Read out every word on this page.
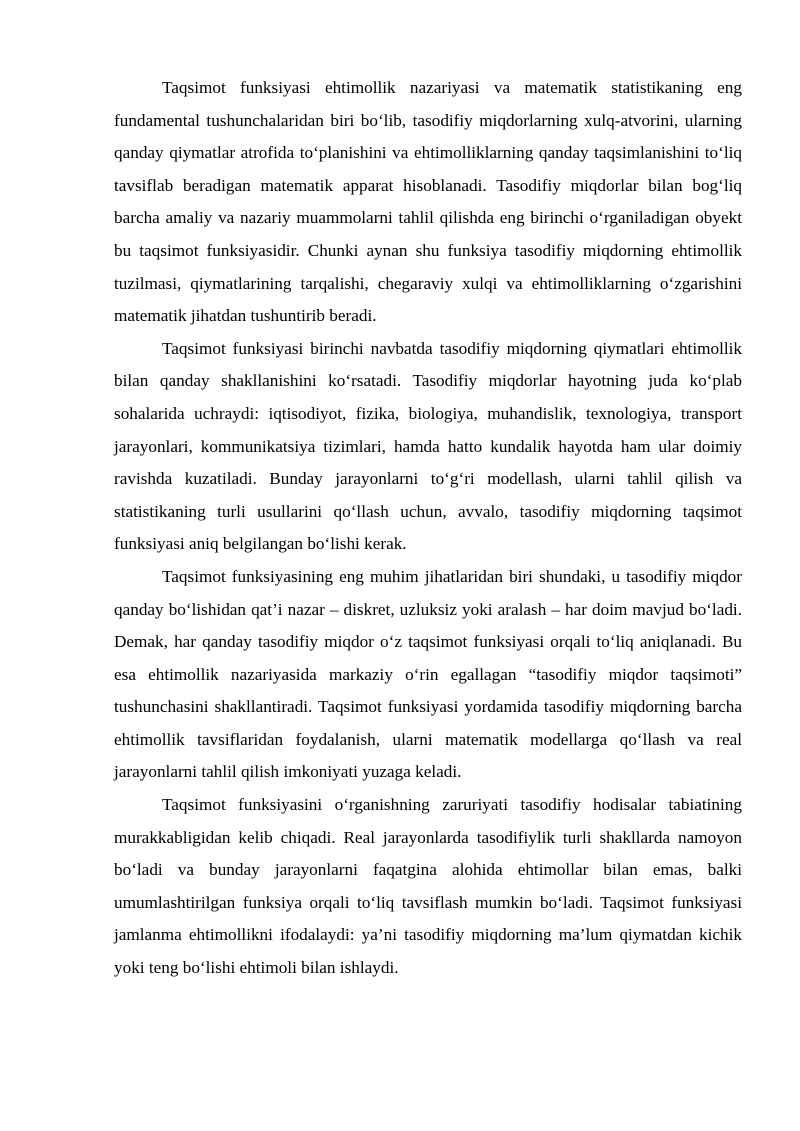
Taqsimot funksiyasi ehtimollik nazariyasi va matematik statistikaning eng fundamental tushunchalaridan biri bo‘lib, tasodifiy miqdorlarning xulq-atvorini, ularning qanday qiymatlar atrofida to‘planishini va ehtimolliklarning qanday taqsimlanishini to‘liq tavsiflab beradigan matematik apparat hisoblanadi. Tasodifiy miqdorlar bilan bog‘liq barcha amaliy va nazariy muammolarni tahlil qilishda eng birinchi o‘rganiladigan obyekt bu taqsimot funksiyasidir. Chunki aynan shu funksiya tasodifiy miqdorning ehtimollik tuzilmasi, qiymatlarining tarqalishi, chegaraviy xulqi va ehtimolliklarning o‘zgarishini matematik jihatdan tushuntirib beradi.

Taqsimot funksiyasi birinchi navbatda tasodifiy miqdorning qiymatlari ehtimollik bilan qanday shakllanishini ko‘rsatadi. Tasodifiy miqdorlar hayotning juda ko‘plab sohalarida uchraydi: iqtisodiyot, fizika, biologiya, muhandislik, texnologiya, transport jarayonlari, kommunikatsiya tizimlari, hamda hatto kundalik hayotda ham ular doimiy ravishda kuzatiladi. Bunday jarayonlarni to‘g‘ri modellash, ularni tahlil qilish va statistikaning turli usullarini qo‘llash uchun, avvalo, tasodifiy miqdorning taqsimot funksiyasi aniq belgilangan bo‘lishi kerak.

Taqsimot funksiyasining eng muhim jihatlaridan biri shundaki, u tasodifiy miqdor qanday bo‘lishidan qat’i nazar – diskret, uzluksiz yoki aralash – har doim mavjud bo‘ladi. Demak, har qanday tasodifiy miqdor o‘z taqsimot funksiyasi orqali to‘liq aniqlanadi. Bu esa ehtimollik nazariyasida markaziy o‘rin egallagan “tasodifiy miqdor taqsimoti” tushunchasini shakllantiradi. Taqsimot funksiyasi yordamida tasodifiy miqdorning barcha ehtimollik tavsiflaridan foydalanish, ularni matematik modellarga qo‘llash va real jarayonlarni tahlil qilish imkoniyati yuzaga keladi.

Taqsimot funksiyasini o‘rganishning zaruriyati tasodifiy hodisalar tabiatining murakkabligidan kelib chiqadi. Real jarayonlarda tasodifiylik turli shakllarda namoyon bo‘ladi va bunday jarayonlarni faqatgina alohida ehtimollar bilan emas, balki umumlashtirilgan funksiya orqali to‘liq tavsiflash mumkin bo‘ladi. Taqsimot funksiyasi jamlanma ehtimollikni ifodalaydi: ya’ni tasodifiy miqdorning ma’lum qiymatdan kichik yoki teng bo‘lishi ehtimoli bilan ishlaydi.
